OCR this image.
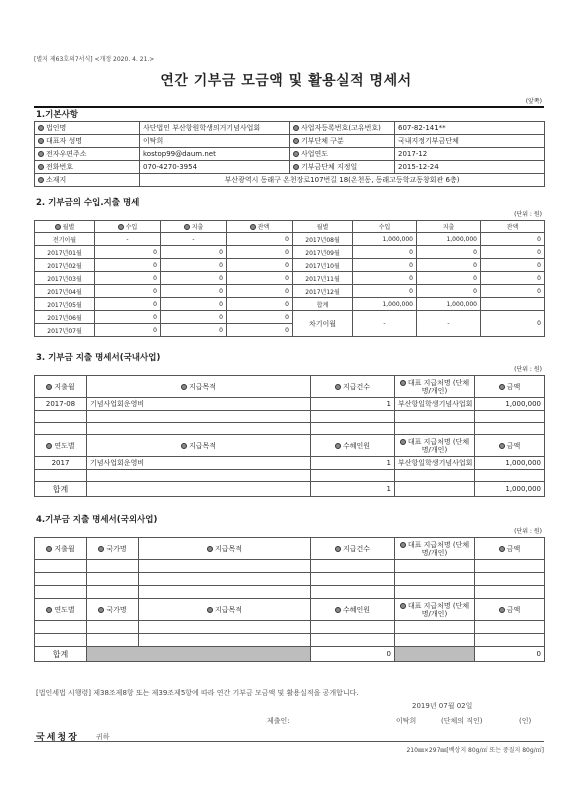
[별지 제63호의7서식] <개정 2020. 4. 21.>
연간 기부금 모금액 및 활용실적 명세서
(앞쪽)
1.기본사항
법인명	사단법인 부산항원학생의거기념사업회	사업자등록번호(고유번호)	607-82-141**
대표자 성명	이탁희	기부단체 구분	국내지정기부금단체
전자우편주소	kostop99@daum.net	사업연도	2017-12
전화번호	070-4270-3954	기부금단체 지정일	2015-12-24
소재지	부산광역시 동래구 온천장로107번길 18(온천동, 동래고등학교동창회관 6층)		
2. 기부금의 수입.지출 명세
(단위 : 원)
월별	수입	지출	잔액	월별	수입	지출	잔액
전기이월	-	-	0	2017년08월	1,000,000	1,000,000	0
2017년01월	0	0	0	2017년09월	0	0	0
2017년02월	0	0	0	2017년10월	0	0	0
2017년03월	0	0	0	2017년11월	0	0	0
2017년04월	0	0	0	2017년12월	0	0	0
2017년05월	0	0	0	합계	1,000,000	1,000,000	
2017년06월	0	0	0	차기이월	-	-	0
2017년07월	0	0	0				
3. 기부금 지출 명세서(국내사업)
(단위 : 원)
지출월	지급목적	지급건수	대표 지급처명 (단체명/개인)	금액
2017-08	기념사업회운영비	1	부산항일학생기념사업회	1,000,000

연도별	지급목적	수혜인원	대표 지급처명 (단체명/개인)	금액
2017	기념사업회운영비	1	부산항일학생기념사업회	1,000,000

합계		1		1,000,000
4.기부금 지출 명세서(국외사업)
(단위 : 원)
지출월	국가명	지급목적	지급건수	대표 지급처명 (단체명/개인)	금액

연도별	국가명	지급목적	수혜인원	대표 지급처명 (단체명/개인)	금액

합계			0		0
[법인세법 시행령] 제38조제8항 또는 제39조제5항에 따라 연간 기부금 모금액 및 활용실적을 공개합니다.
2019년 07월 02일
제출인:	이탁희	(단체의 직인)	(인)
국세청장 귀하
210㎜×297㎜[백상지 80g/㎡ 또는 중질지 80g/㎡]
